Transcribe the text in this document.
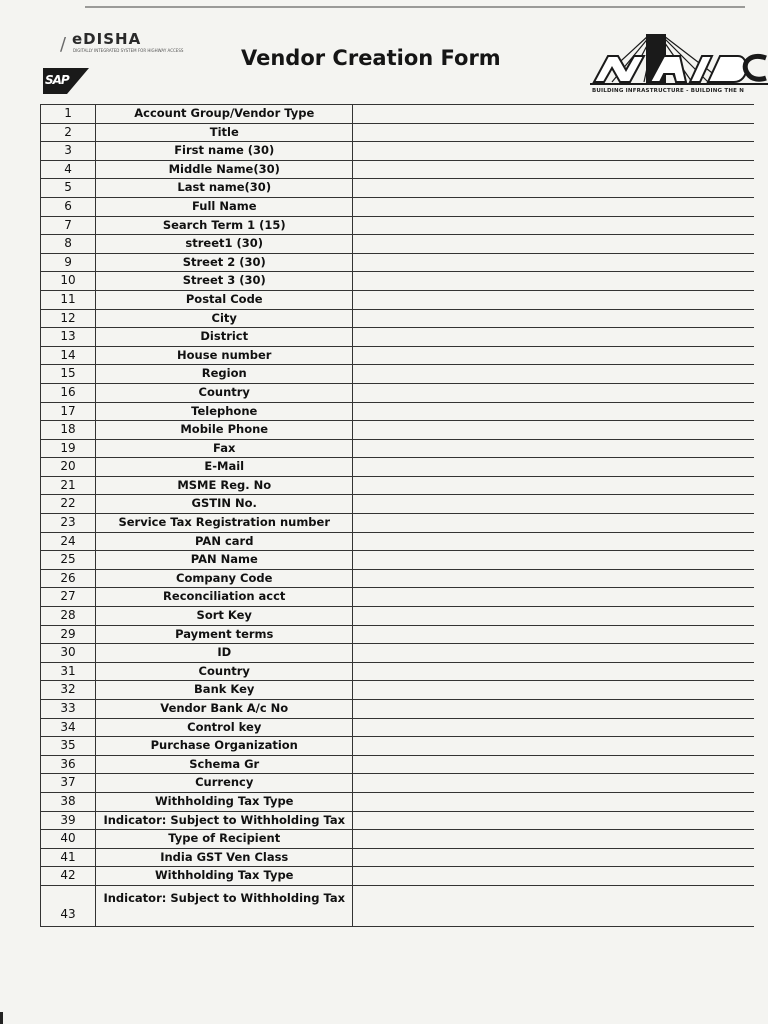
/ eDISHA
DIGITALLY INTEGRATED SYSTEM FOR HIGHWAY ACCESS
SAP
Vendor Creation Form
BUILDING INFRASTRUCTURE - BUILDING THE N
1	Account Group/Vendor Type	
2	Title	
3	First name (30)	
4	Middle Name(30)	
5	Last name(30)	
6	Full Name	
7	Search Term 1 (15)	
8	street1 (30)	
9	Street 2 (30)	
10	Street 3 (30)	
11	Postal Code	
12	City	
13	District	
14	House number	
15	Region	
16	Country	
17	Telephone	
18	Mobile Phone	
19	Fax	
20	E-Mail	
21	MSME Reg. No	
22	GSTIN No.	
23	Service Tax Registration number	
24	PAN card	
25	PAN Name	
26	Company Code	
27	Reconciliation acct	
28	Sort Key	
29	Payment terms	
30	ID	
31	Country	
32	Bank Key	
33	Vendor Bank A/c No	
34	Control key	
35	Purchase Organization	
36	Schema Gr	
37	Currency	
38	Withholding Tax Type	
39	Indicator: Subject to Withholding Tax	
40	Type of Recipient	
41	India GST Ven Class	
42	Withholding Tax Type	
43	Indicator: Subject to Withholding Tax	
